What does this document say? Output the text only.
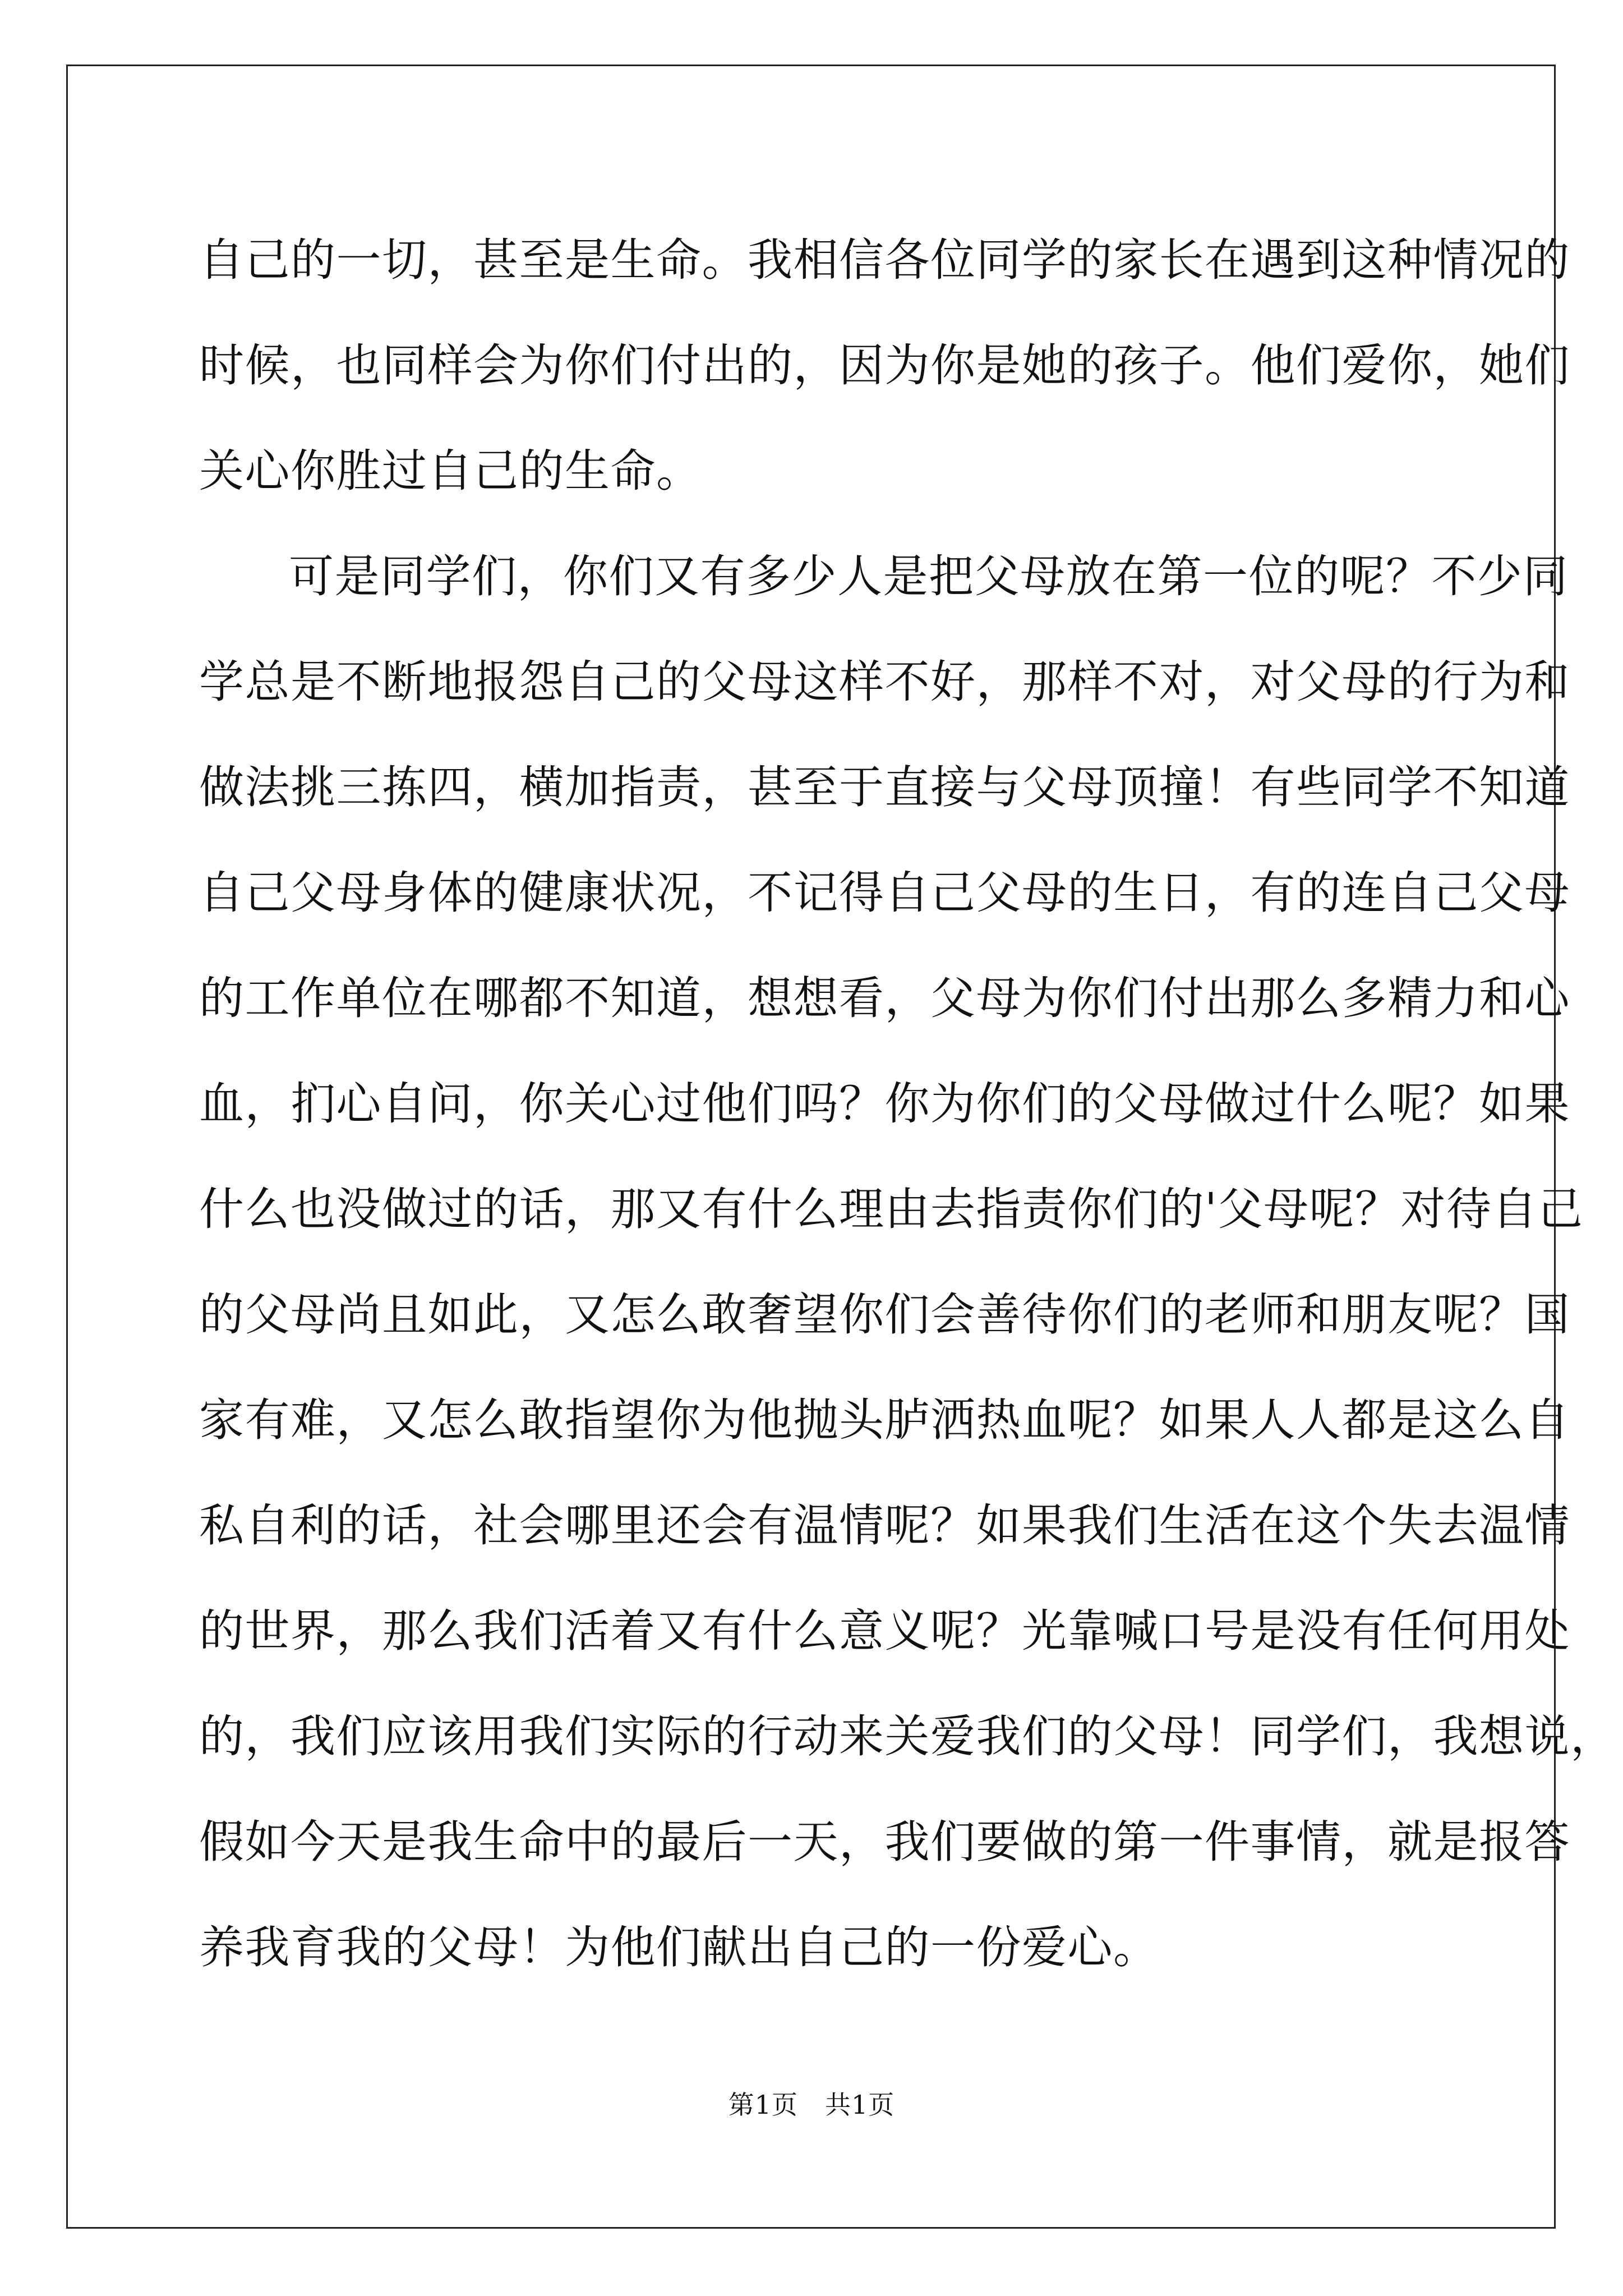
自己的一切，甚至是生命。我相信各位同学的家长在遇到这种情况的
时候，也同样会为你们付出的，因为你是她的孩子。他们爱你，她们
关心你胜过自己的生命。
可是同学们，你们又有多少人是把父母放在第一位的呢？不少同
学总是不断地报怨自己的父母这样不好，那样不对，对父母的行为和
做法挑三拣四，横加指责，甚至于直接与父母顶撞！有些同学不知道
自己父母身体的健康状况，不记得自己父母的生日，有的连自己父母
的工作单位在哪都不知道，想想看，父母为你们付出那么多精力和心
血，扪心自问，你关心过他们吗？你为你们的父母做过什么呢？如果
什么也没做过的话，那又有什么理由去指责你们的'父母呢？对待自己
的父母尚且如此，又怎么敢奢望你们会善待你们的老师和朋友呢？国
家有难，又怎么敢指望你为他抛头胪洒热血呢？如果人人都是这么自
私自利的话，社会哪里还会有温情呢？如果我们生活在这个失去温情
的世界，那么我们活着又有什么意义呢？光靠喊口号是没有任何用处
的，我们应该用我们实际的行动来关爱我们的父母！同学们，我想说，
假如今天是我生命中的最后一天，我们要做的第一件事情，就是报答
养我育我的父母！为他们献出自己的一份爱心。
第1页 共1页
